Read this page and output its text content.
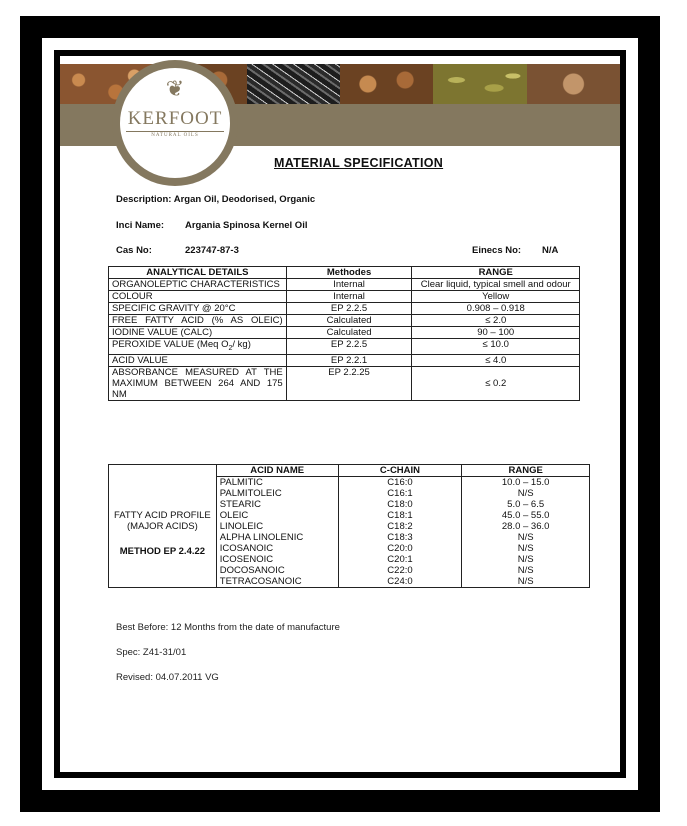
❦
KERFOOT
NATURAL OILS
MATERIAL SPECIFICATION
Description: Argan Oil, Deodorised, Organic
Inci Name: Argania Spinosa Kernel Oil
Cas No:	223747-87-3	Einecs No: N/A
ANALYTICAL DETAILS	Methodes	RANGE
ORGANOLEPTIC CHARACTERISTICS	Internal	Clear liquid, typical smell and odour
COLOUR	Internal	Yellow
SPECIFIC GRAVITY @ 20°C	EP 2.2.5	0.908 – 0.918
FREE FATTY ACID (% AS OLEIC)	Calculated	≤ 2.0
IODINE VALUE (CALC)	Calculated	90 – 100
PEROXIDE VALUE (Meq $O_2/$ kg)	EP 2.2.5	≤ 10.0
ACID VALUE	EP 2.2.1	≤ 4.0
ABSORBANCE MEASURED AT THE MAXIMUM BETWEEN 264 AND 175 NM	EP 2.2.25	≤ 0.2
FATTY ACID PROFILE (MAJOR ACIDS)
METHOD EP 2.4.22	ACID NAME	C-CHAIN	RANGE
	PALMITIC	C16:0	10.0 – 15.0
	PALMITOLEIC	C16:1	N/S
	STEARIC	C18:0	5.0 – 6.5
	OLEIC	C18:1	45.0 – 55.0
	LINOLEIC	C18:2	28.0 – 36.0
	ALPHA LINOLENIC	C18:3	N/S
	ICOSANOIC	C20:0	N/S
	ICOSENOIC	C20:1	N/S
	DOCOSANOIC	C22:0	N/S
	TETRACOSANOIC	C24:0	N/S
Best Before: 12 Months from the date of manufacture
Spec: Z41-31/01
Revised: 04.07.2011 VG
